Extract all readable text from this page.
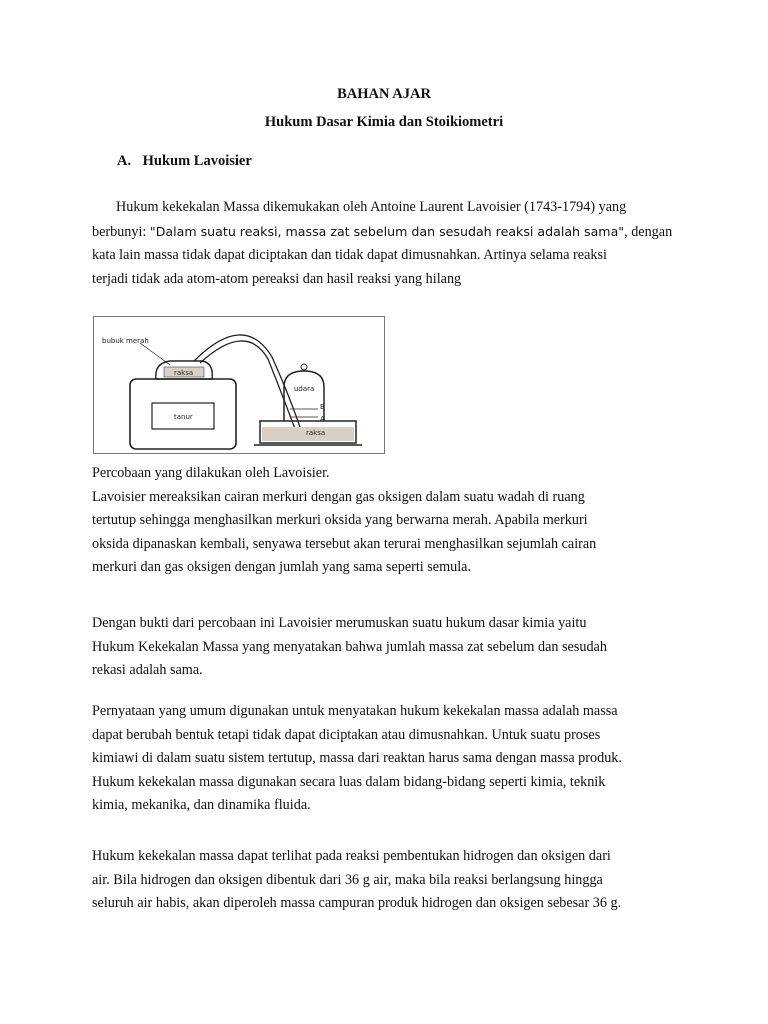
BAHAN AJAR
Hukum Dasar Kimia dan Stoikiometri
A. Hukum Lavoisier
Hukum kekekalan Massa dikemukakan oleh Antoine Laurent Lavoisier (1743-1794) yang
berbunyi: "Dalam suatu reaksi, massa zat sebelum dan sesudah reaksi adalah sama", dengan
kata lain massa tidak dapat diciptakan dan tidak dapat dimusnahkan. Artinya selama reaksi
terjadi tidak ada atom-atom pereaksi dan hasil reaksi yang hilang
bubuk merah
raksa
tanur
udara
B
A
raksa
Percobaan yang dilakukan oleh Lavoisier.
Lavoisier mereaksikan cairan merkuri dengan gas oksigen dalam suatu wadah di ruang
tertutup sehingga menghasilkan merkuri oksida yang berwarna merah. Apabila merkuri
oksida dipanaskan kembali, senyawa tersebut akan terurai menghasilkan sejumlah cairan
merkuri dan gas oksigen dengan jumlah yang sama seperti semula.
Dengan bukti dari percobaan ini Lavoisier merumuskan suatu hukum dasar kimia yaitu
Hukum Kekekalan Massa yang menyatakan bahwa jumlah massa zat sebelum dan sesudah
rekasi adalah sama.
Pernyataan yang umum digunakan untuk menyatakan hukum kekekalan massa adalah massa
dapat berubah bentuk tetapi tidak dapat diciptakan atau dimusnahkan. Untuk suatu proses
kimiawi di dalam suatu sistem tertutup, massa dari reaktan harus sama dengan massa produk.
Hukum kekekalan massa digunakan secara luas dalam bidang-bidang seperti kimia, teknik
kimia, mekanika, dan dinamika fluida.
Hukum kekekalan massa dapat terlihat pada reaksi pembentukan hidrogen dan oksigen dari
air. Bila hidrogen dan oksigen dibentuk dari 36 g air, maka bila reaksi berlangsung hingga
seluruh air habis, akan diperoleh massa campuran produk hidrogen dan oksigen sebesar 36 g.
